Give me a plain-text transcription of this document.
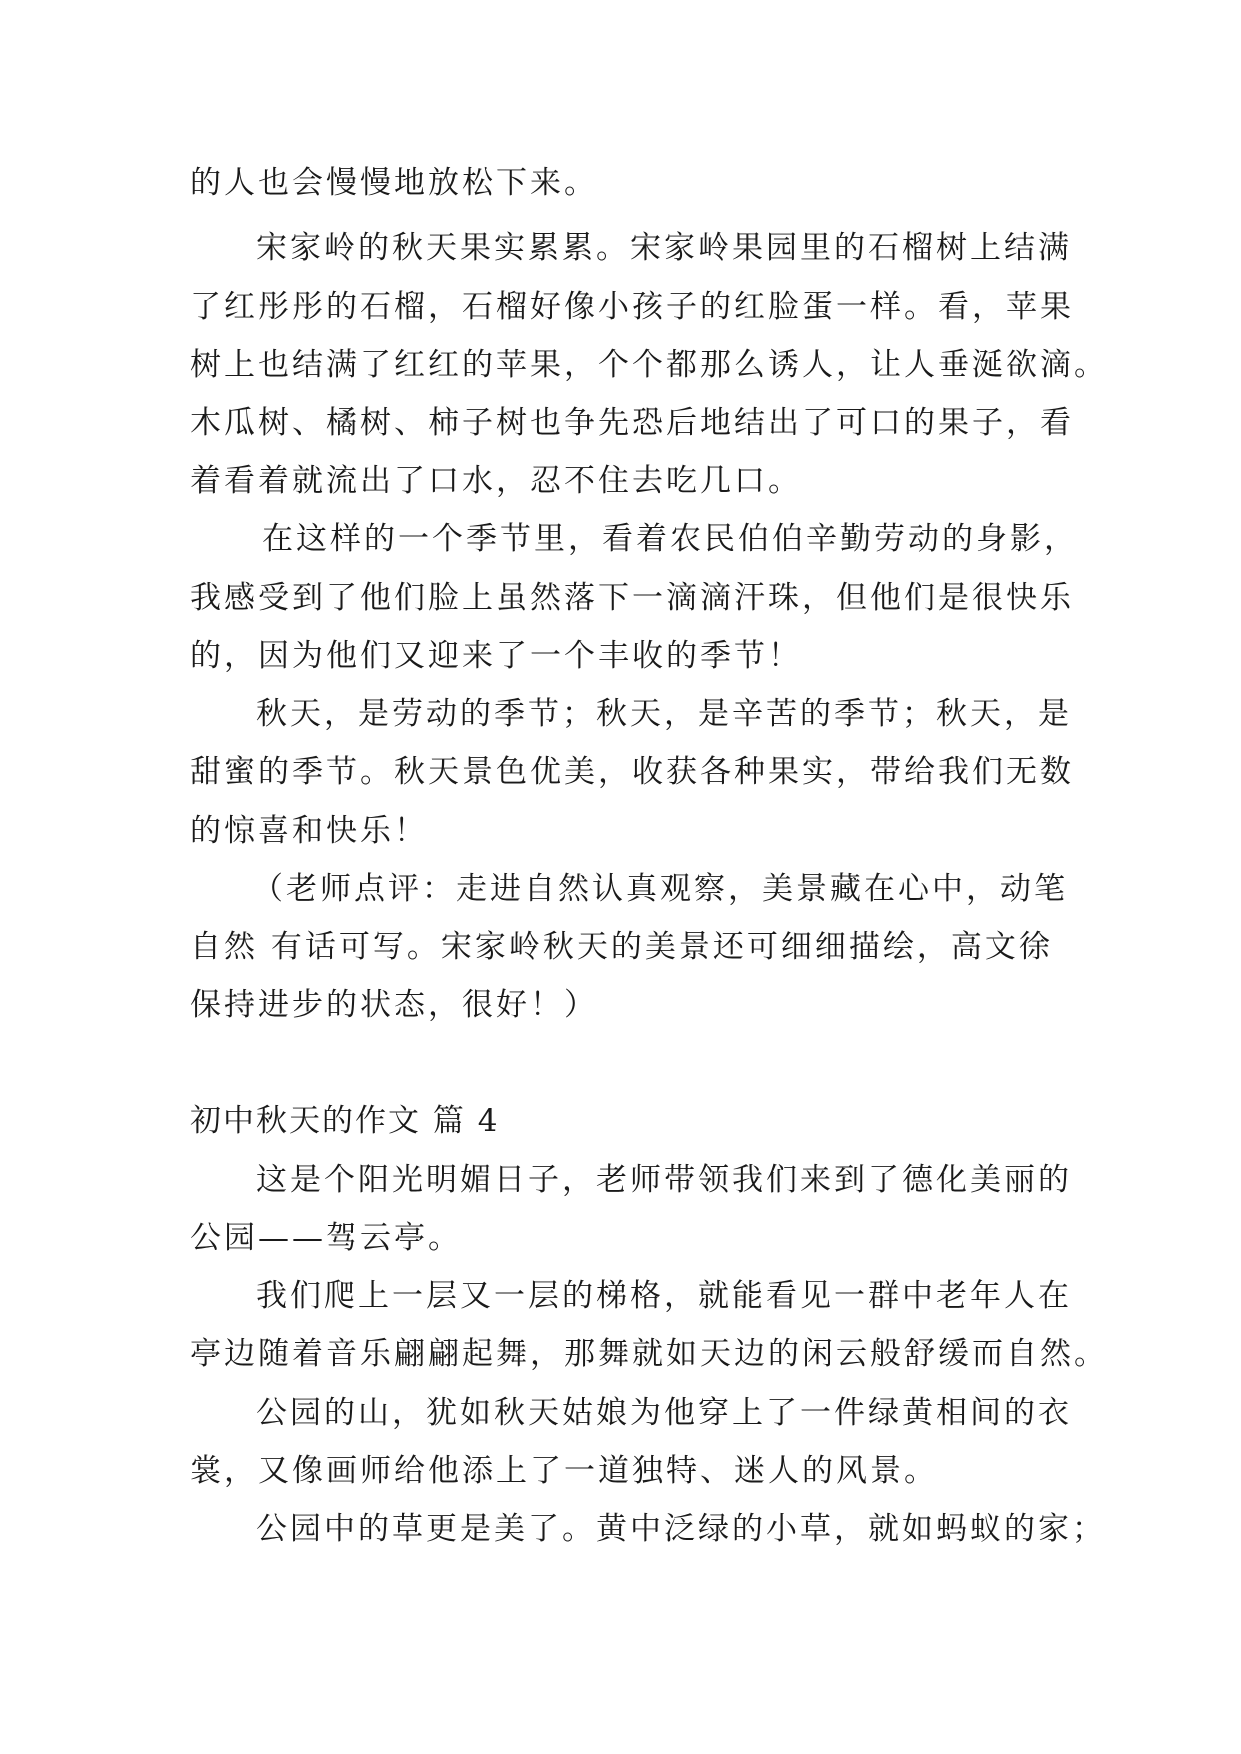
的人也会慢慢地放松下来。
宋家岭的秋天果实累累。宋家岭果园里的石榴树上结满
了红彤彤的石榴，石榴好像小孩子的红脸蛋一样。看，苹果
树上也结满了红红的苹果，个个都那么诱人，让人垂涎欲滴。
木瓜树、橘树、柿子树也争先恐后地结出了可口的果子，看
着看着就流出了口水，忍不住去吃几口。
在这样的一个季节里，看着农民伯伯辛勤劳动的身影，
我感受到了他们脸上虽然落下一滴滴汗珠，但他们是很快乐
的，因为他们又迎来了一个丰收的季节！
秋天，是劳动的季节；秋天，是辛苦的季节；秋天，是
甜蜜的季节。秋天景色优美，收获各种果实，带给我们无数
的惊喜和快乐！
（老师点评：走进自然认真观察，美景藏在心中，动笔
自然 有话可写。宋家岭秋天的美景还可细细描绘，高文徐
保持进步的状态，很好！）
初中秋天的作文 篇 4
这是个阳光明媚日子，老师带领我们来到了德化美丽的
公园——驾云亭。
我们爬上一层又一层的梯格，就能看见一群中老年人在
亭边随着音乐翩翩起舞，那舞就如天边的闲云般舒缓而自然。
公园的山，犹如秋天姑娘为他穿上了一件绿黄相间的衣
裳，又像画师给他添上了一道独特、迷人的风景。
公园中的草更是美了。黄中泛绿的小草，就如蚂蚁的家；
